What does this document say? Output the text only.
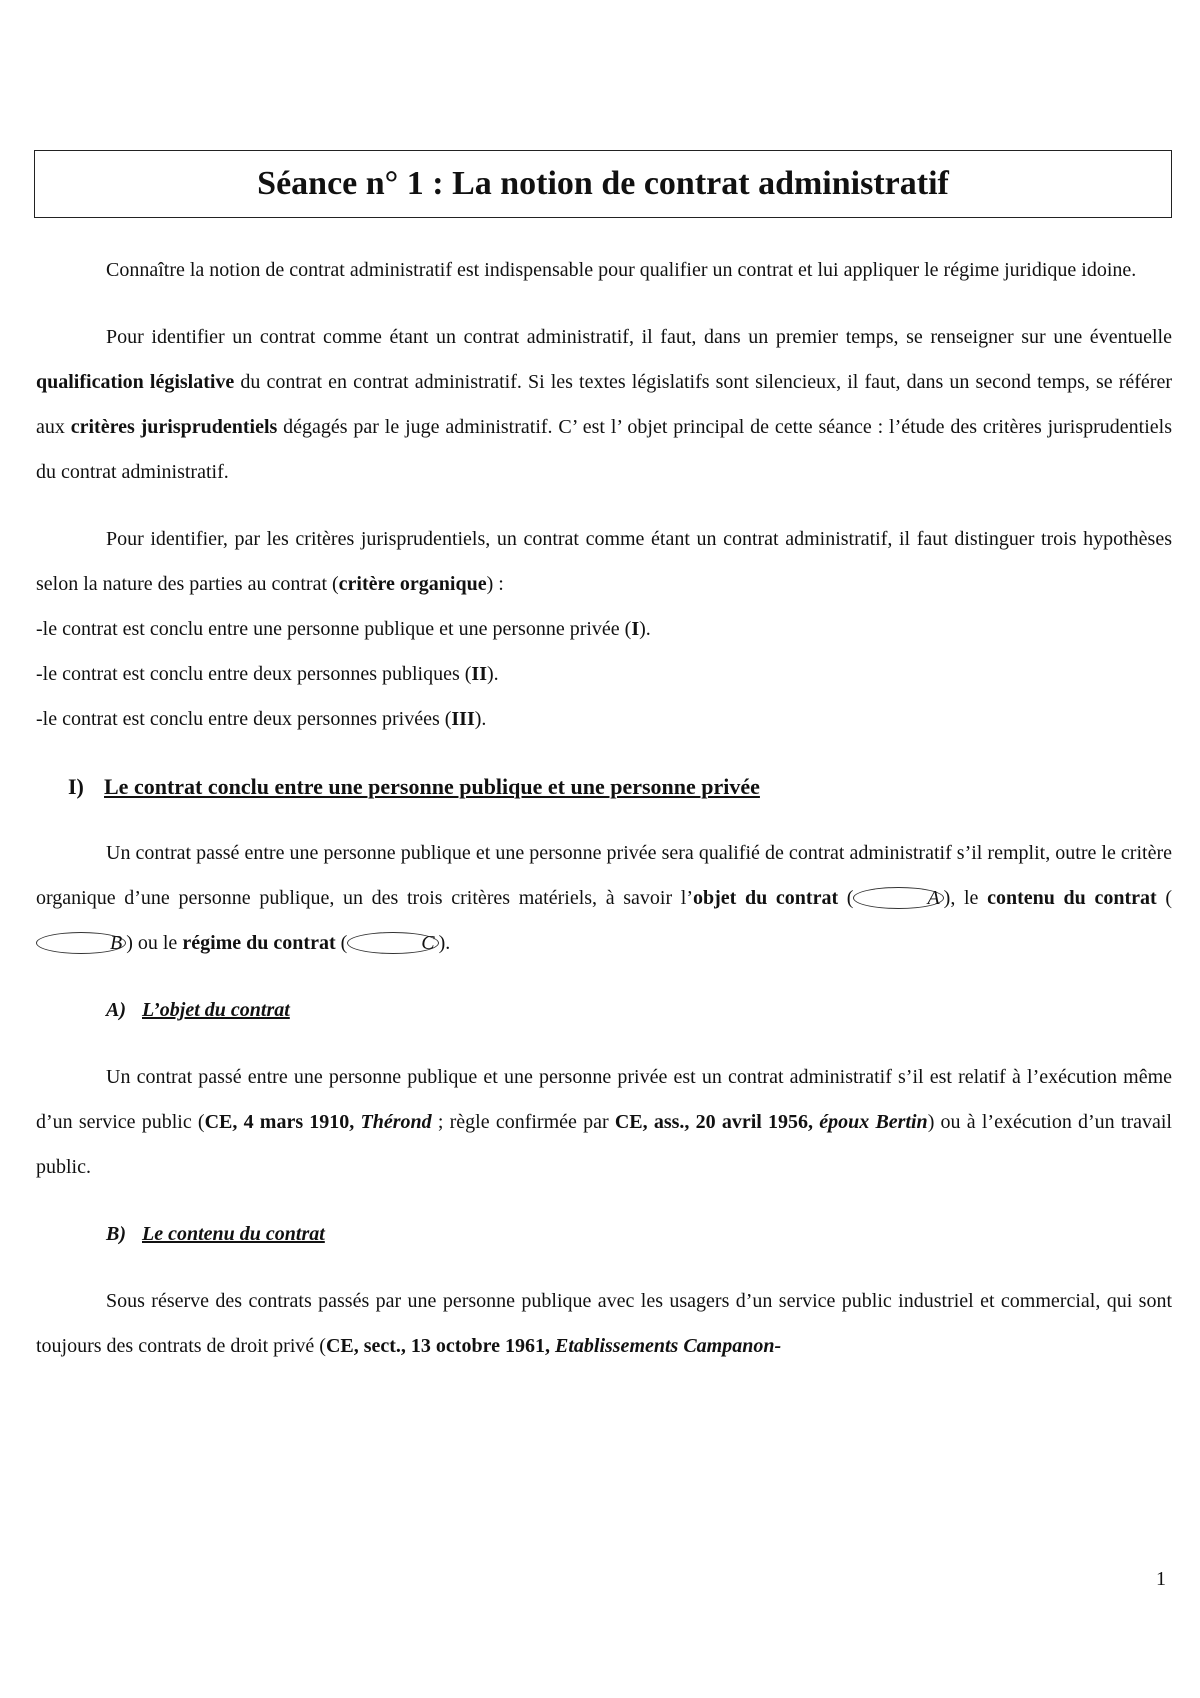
Séance n° 1 : La notion de contrat administratif

Connaître la notion de contrat administratif est indispensable pour qualifier un contrat et lui appliquer le régime juridique idoine.

Pour identifier un contrat comme étant un contrat administratif, il faut, dans un premier temps, se renseigner sur une éventuelle qualification législative du contrat en contrat administratif. Si les textes législatifs sont silencieux, il faut, dans un second temps, se référer aux critères jurisprudentiels dégagés par le juge administratif. C’ est l’ objet principal de cette séance : l’étude des critères jurisprudentiels du contrat administratif.

Pour identifier, par les critères jurisprudentiels, un contrat comme étant un contrat administratif, il faut distinguer trois hypothèses selon la nature des parties au contrat (critère organique) :

-le contrat est conclu entre une personne publique et une personne privée (I).

-le contrat est conclu entre deux personnes publiques (II).

-le contrat est conclu entre deux personnes privées (III).

I) Le contrat conclu entre une personne publique et une personne privée

Un contrat passé entre une personne publique et une personne privée sera qualifié de contrat administratif s’il remplit, outre le critère organique d’une personne publique, un des trois critères matériels, à savoir l’objet du contrat (	A ), le contenu du contrat (B ) ou le régime du contrat (	C ).

A) L’objet du contrat

Un contrat passé entre une personne publique et une personne privée est un contrat administratif s’il est relatif à l’exécution même d’un service public (CE, 4 mars 1910, Thérond ; règle confirmée par CE, ass., 20 avril 1956, époux Bertin) ou à l’exécution d’un travail public.

B) Le contenu du contrat

Sous réserve des contrats passés par une personne publique avec les usagers d’un service public industriel et commercial, qui sont toujours des contrats de droit privé (CE, sect., 13 octobre 1961, Etablissements Campanon-

1
